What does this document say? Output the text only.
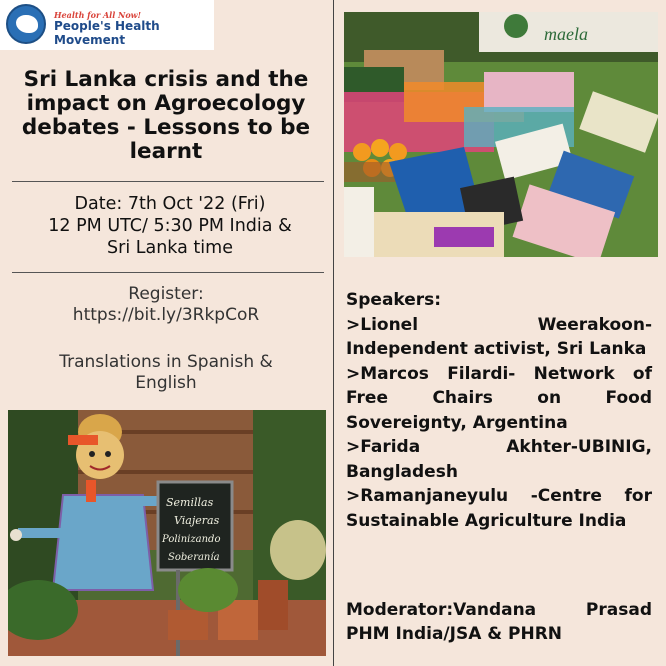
Health for All Now!
People's Health Movement
Sri Lanka crisis and the
impact on Agroecology
debates - Lessons to be
learnt
Date: 7th Oct '22 (Fri)
12 PM UTC/ 5:30 PM India &
Sri Lanka time
Register:
https://bit.ly/3RkpCoR
Translations in Spanish &
English
maela

Speakers:

>Lionel Weerakoon-Independent activist, Sri Lanka

>Marcos Filardi- Network of Free Chairs on Food Sovereignty, Argentina

>Farida Akhter-UBINIG, Bangladesh

>Ramanjaneyulu -Centre for Sustainable Agriculture India

Moderator:Vandana	Prasad
PHM India/JSA & PHRN
Semillas
Viajeras
Polinizando
Soberanía
